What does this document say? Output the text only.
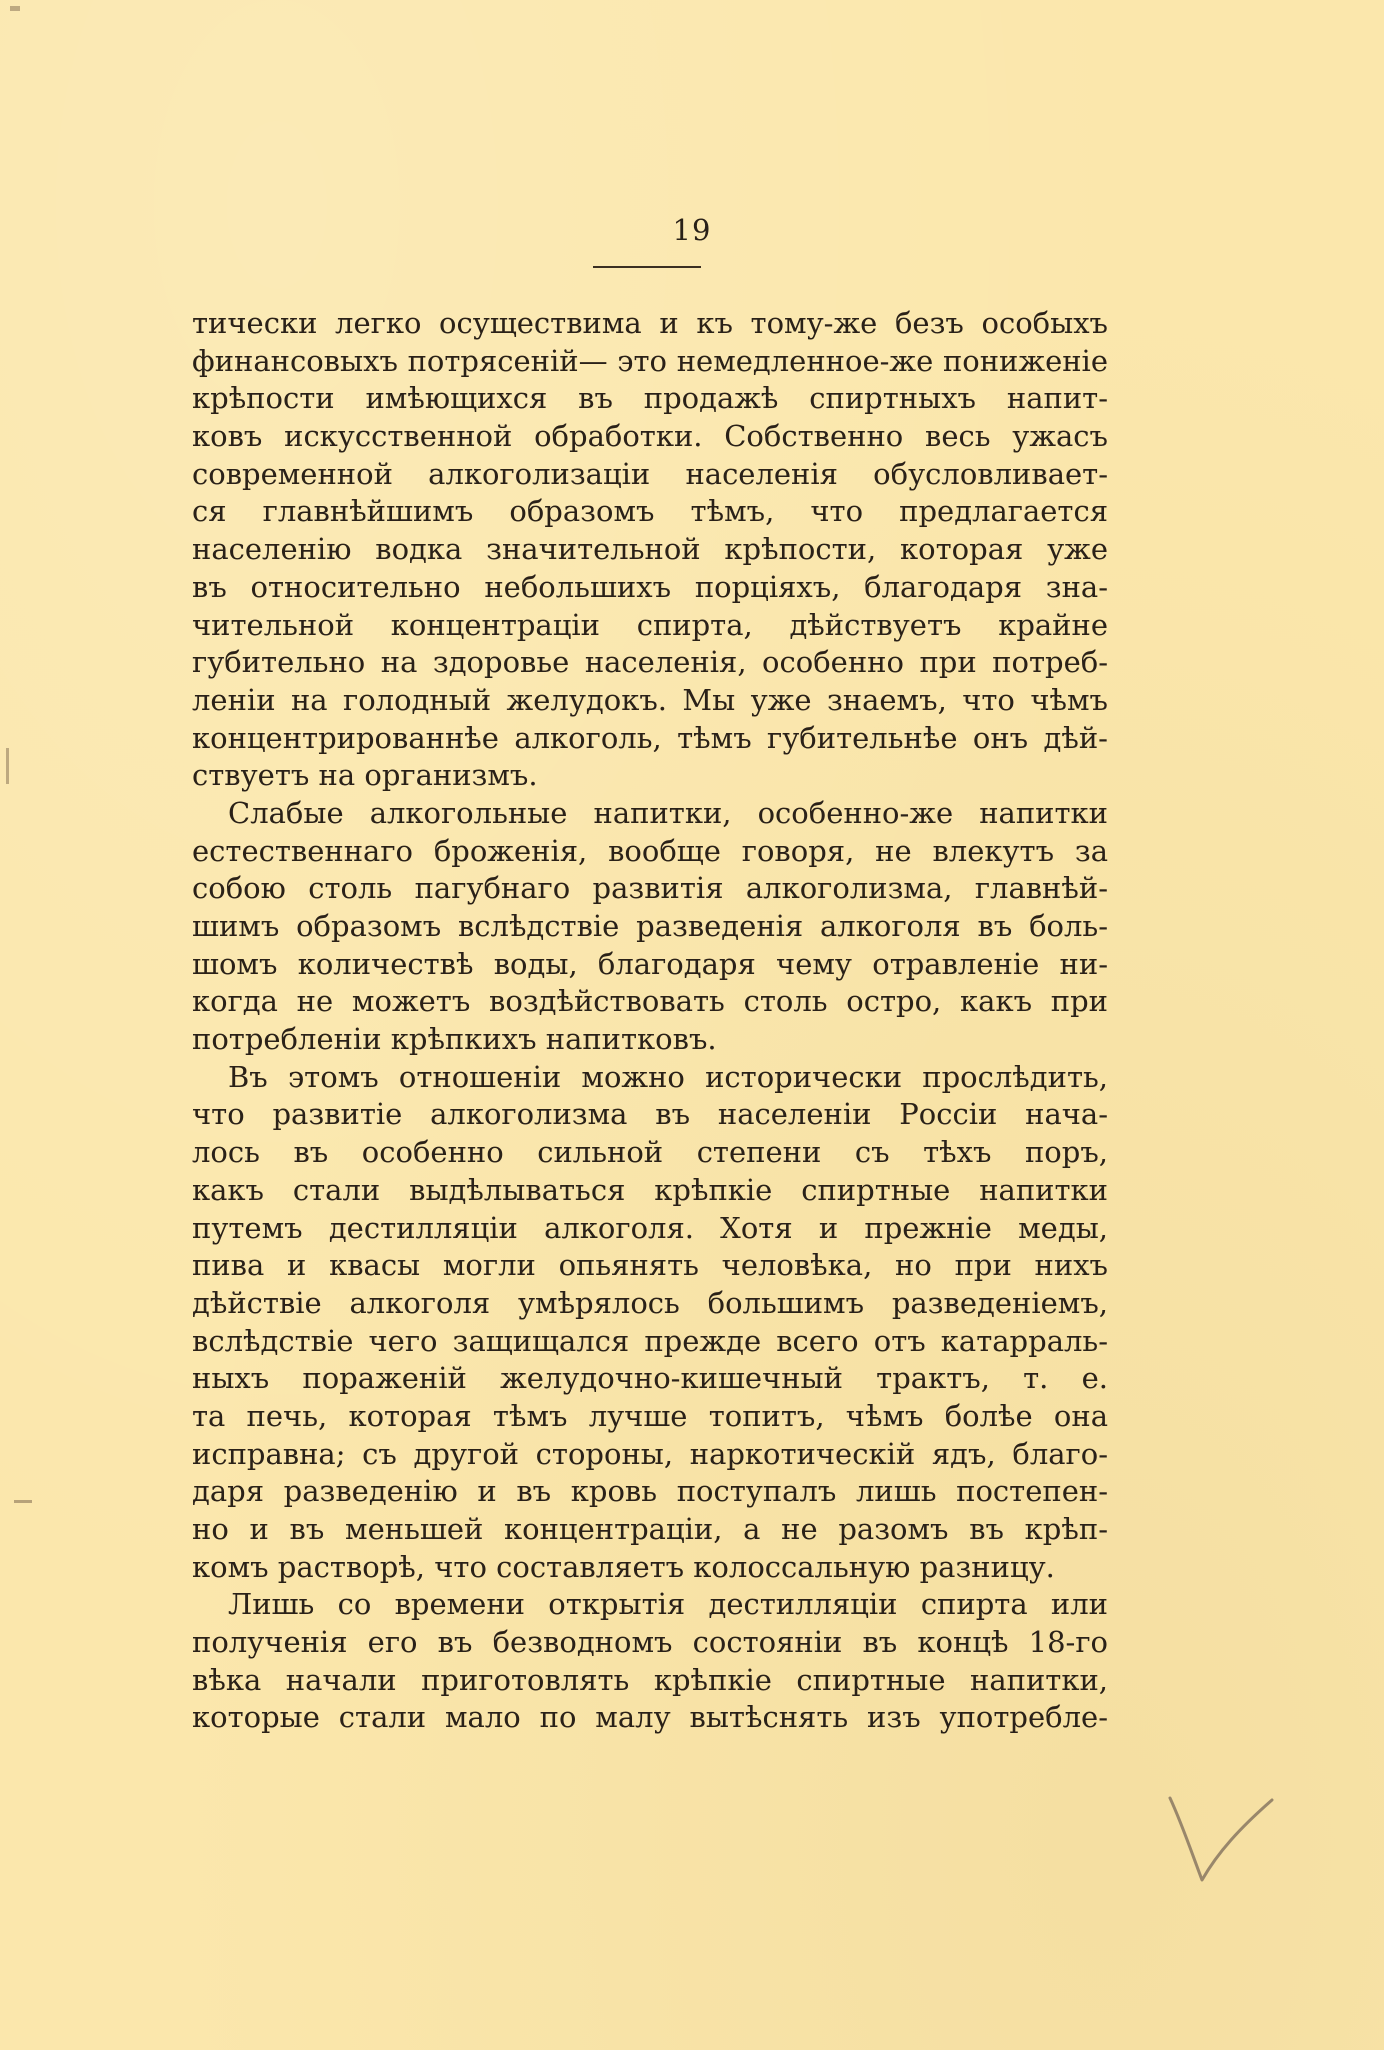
19
тически легко осуществима и къ тому-же безъ особыхъ
финансовыхъ потрясеній— это немедленное-же пониженіе
крѣпости имѣющихся въ продажѣ спиртныхъ напит-
ковъ искусственной обработки. Собственно весь ужасъ
современной алкоголизаціи населенія обусловливает-
ся главнѣйшимъ образомъ тѣмъ, что предлагается
населенію водка значительной крѣпости, которая уже
въ относительно небольшихъ порціяхъ, благодаря зна-
чительной концентраціи спирта, дѣйствуетъ крайне
губительно на здоровье населенія, особенно при потреб-
леніи на голодный желудокъ. Мы уже знаемъ, что чѣмъ
концентрированнѣе алкоголь, тѣмъ губительнѣе онъ дѣй-
ствуетъ на организмъ.
Слабые алкогольные напитки, особенно-же напитки
естественнаго броженія, вообще говоря, не влекутъ за
собою столь пагубнаго развитія алкоголизма, главнѣй-
шимъ образомъ вслѣдствіе разведенія алкоголя въ боль-
шомъ количествѣ воды, благодаря чему отравленіе ни-
когда не можетъ воздѣйствовать столь остро, какъ при
потребленіи крѣпкихъ напитковъ.
Въ этомъ отношеніи можно исторически прослѣдить,
что развитіе алкоголизма въ населеніи Россіи нача-
лось въ особенно сильной степени съ тѣхъ поръ,
какъ стали выдѣлываться крѣпкіе спиртные напитки
путемъ дестилляціи алкоголя. Хотя и прежніе меды,
пива и квасы могли опьянять человѣка, но при нихъ
дѣйствіе алкоголя умѣрялось большимъ разведеніемъ,
вслѣдствіе чего защищался прежде всего отъ катарраль-
ныхъ пораженій желудочно-кишечный трактъ, т. е.
та печь, которая тѣмъ лучше топитъ, чѣмъ болѣе она
исправна; съ другой стороны, наркотическій ядъ, благо-
даря разведенію и въ кровь поступалъ лишь постепен-
но и въ меньшей концентраціи, а не разомъ въ крѣп-
комъ растворѣ, что составляетъ колоссальную разницу.
Лишь со времени открытія дестилляціи спирта или
полученія его въ безводномъ состояніи въ концѣ 18-го
вѣка начали приготовлять крѣпкіе спиртные напитки,
которые стали мало по малу вытѣснять изъ употребле-
